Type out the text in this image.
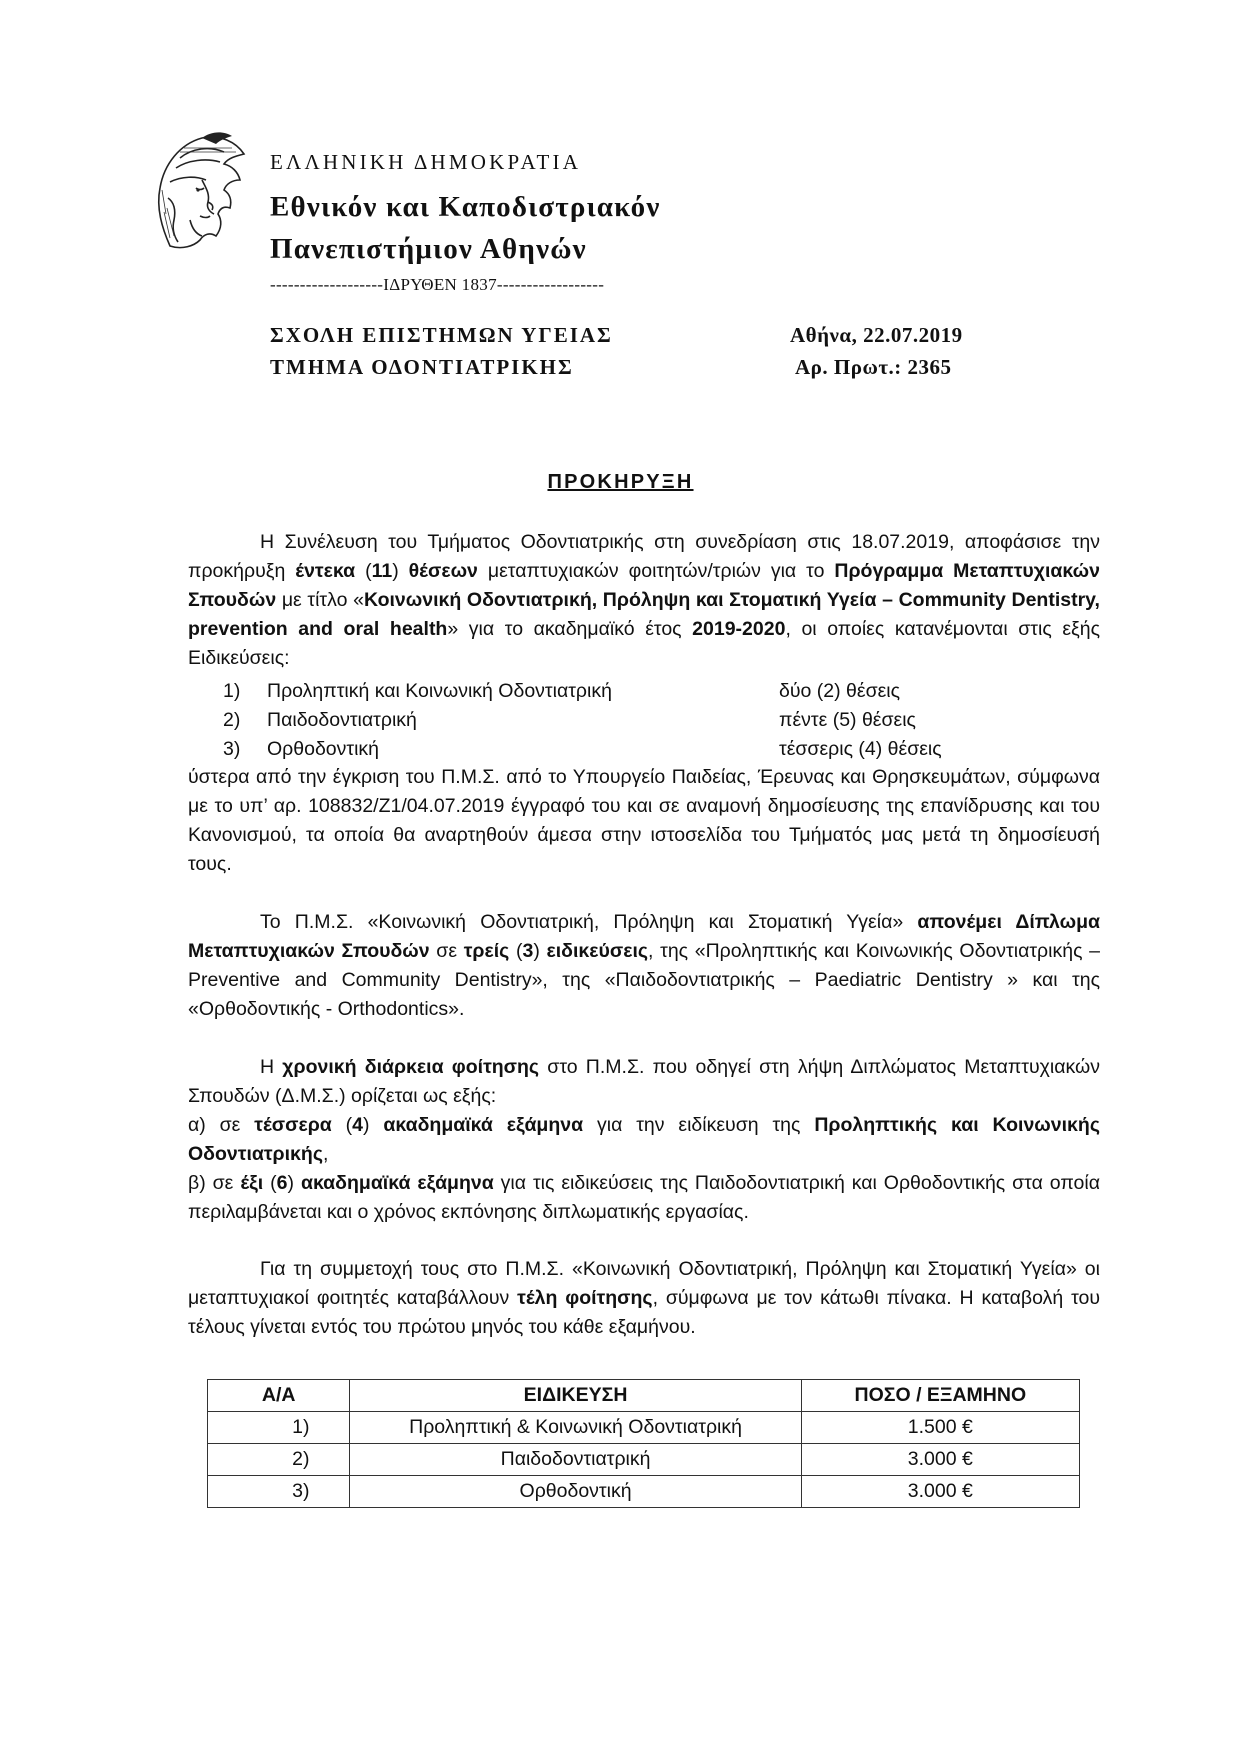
ΕΛΛΗΝΙΚΗ ΔΗΜΟΚΡΑΤΙΑ
Εθνικόν και Καποδιστριακόν
Πανεπιστήμιον Αθηνών
-------------------ΙΔΡΥΘΕΝ 1837------------------
ΣΧΟΛΗ ΕΠΙΣΤΗΜΩΝ ΥΓΕΙΑΣ
ΤΜΗΜΑ ΟΔΟΝΤΙΑΤΡΙΚΗΣ
Αθήνα, 22.07.2019
Αρ. Πρωτ.: 2365
ΠΡΟΚΗΡΥΞΗ
Η Συνέλευση του Τμήματος Οδοντιατρικής στη συνεδρίαση στις 18.07.2019, αποφάσισε την προκήρυξη έντεκα (11) θέσεων μεταπτυχιακών φοιτητών/τριών για το Πρόγραμμα Μεταπτυχιακών Σπουδών με τίτλο «Κοινωνική Οδοντιατρική, Πρόληψη και Στοματική Υγεία – Community Dentistry, prevention and oral health» για το ακαδημαϊκό έτος 2019-2020, οι οποίες κατανέμονται στις εξής Ειδικεύσεις:
1)	Προληπτική και Κοινωνική Οδοντιατρική	δύο (2) θέσεις
2)	Παιδοδοντιατρική	πέντε (5) θέσεις
3)	Ορθοδοντική	τέσσερις (4) θέσεις
ύστερα από την έγκριση του Π.Μ.Σ. από το Υπουργείο Παιδείας, Έρευνας και Θρησκευμάτων, σύμφωνα με το υπ’ αρ. 108832/Ζ1/04.07.2019 έγγραφό του και σε αναμονή δημοσίευσης της επανίδρυσης και του Κανονισμού, τα οποία θα αναρτηθούν άμεσα στην ιστοσελίδα του Τμήματός μας μετά τη δημοσίευσή τους.
Το Π.Μ.Σ. «Κοινωνική Οδοντιατρική, Πρόληψη και Στοματική Υγεία» απονέμει Δίπλωμα Μεταπτυχιακών Σπουδών σε τρείς (3) ειδικεύσεις, της «Προληπτικής και Κοινωνικής Οδοντιατρικής – Preventive and Community Dentistry», της «Παιδοδοντιατρικής – Paediatric Dentistry » και της «Ορθοδοντικής - Orthodontics».
Η χρονική διάρκεια φοίτησης στο Π.Μ.Σ. που οδηγεί στη λήψη Διπλώματος Μεταπτυχιακών Σπουδών (Δ.Μ.Σ.) ορίζεται ως εξής:
α) σε τέσσερα (4) ακαδημαϊκά εξάμηνα για την ειδίκευση της Προληπτικής και Κοινωνικής Οδοντιατρικής,
β) σε έξι (6) ακαδημαϊκά εξάμηνα για τις ειδικεύσεις της Παιδοδοντιατρική και Ορθοδοντικής στα οποία περιλαμβάνεται και ο χρόνος εκπόνησης διπλωματικής εργασίας.
Για τη συμμετοχή τους στο Π.Μ.Σ. «Κοινωνική Οδοντιατρική, Πρόληψη και Στοματική Υγεία» οι μεταπτυχιακοί φοιτητές καταβάλλουν τέλη φοίτησης, σύμφωνα με τον κάτωθι πίνακα. Η καταβολή του τέλους γίνεται εντός του πρώτου μηνός του κάθε εξαμήνου.
Α/Α	ΕΙΔΙΚΕΥΣΗ	ΠΟΣΟ / ΕΞΑΜΗΝΟ
1)	Προληπτική & Κοινωνική Οδοντιατρική	1.500 €
2)	Παιδοδοντιατρική	3.000 €
3)	Ορθοδοντική	3.000 €
